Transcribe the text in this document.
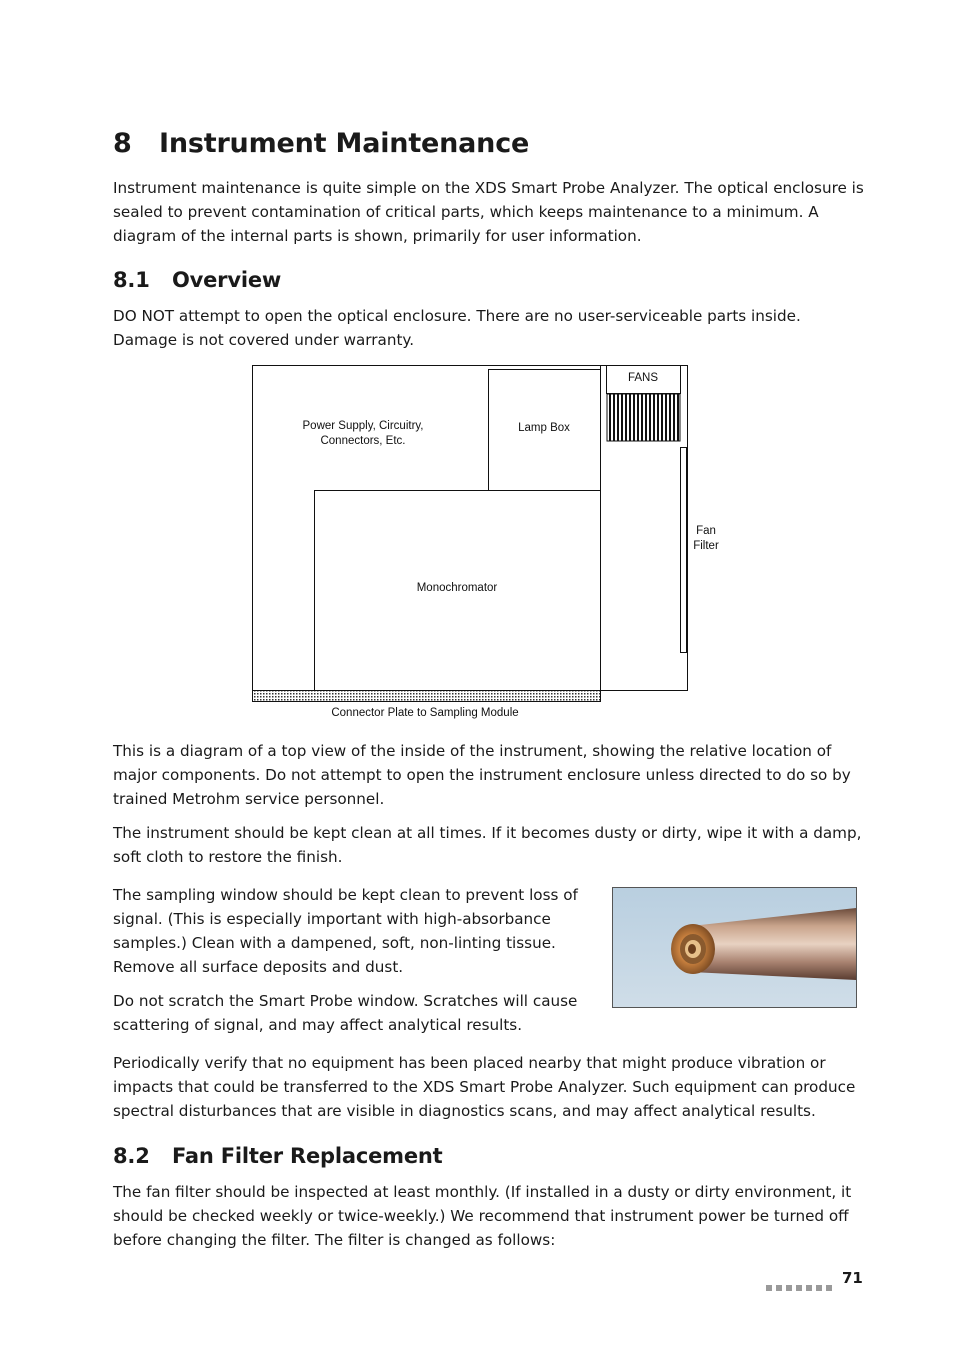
8 Instrument Maintenance

Instrument maintenance is quite simple on the XDS Smart Probe Analyzer. The optical enclosure is sealed to prevent contamination of critical parts, which keeps maintenance to a minimum. A diagram of the internal parts is shown, primarily for user information.

8.1 Overview

DO NOT attempt to open the optical enclosure. There are no user-serviceable parts inside. Damage is not covered under warranty.

Power Supply, Circuitry,
Connectors, Etc.
Lamp Box
FANS
Fan
Filter
Monochromator
Connector Plate to Sampling Module

This is a diagram of a top view of the inside of the instrument, showing the relative location of major components. Do not attempt to open the instrument enclosure unless directed to do so by trained Metrohm service personnel.

The instrument should be kept clean at all times. If it becomes dusty or dirty, wipe it with a damp, soft cloth to restore the finish.

The sampling window should be kept clean to prevent loss of signal. (This is especially important with high-absorbance samples.) Clean with a dampened, soft, non-linting tissue. Remove all surface deposits and dust.

Do not scratch the Smart Probe window. Scratches will cause scattering of signal, and may affect analytical results.

Periodically verify that no equipment has been placed nearby that might produce vibration or impacts that could be transferred to the XDS Smart Probe Analyzer. Such equipment can produce spectral disturbances that are visible in diagnostics scans, and may affect analytical results.

8.2 Fan Filter Replacement

The fan filter should be inspected at least monthly. (If installed in a dusty or dirty environment, it should be checked weekly or twice-weekly.) We recommend that instrument power be turned off before changing the filter. The filter is changed as follows:

71
